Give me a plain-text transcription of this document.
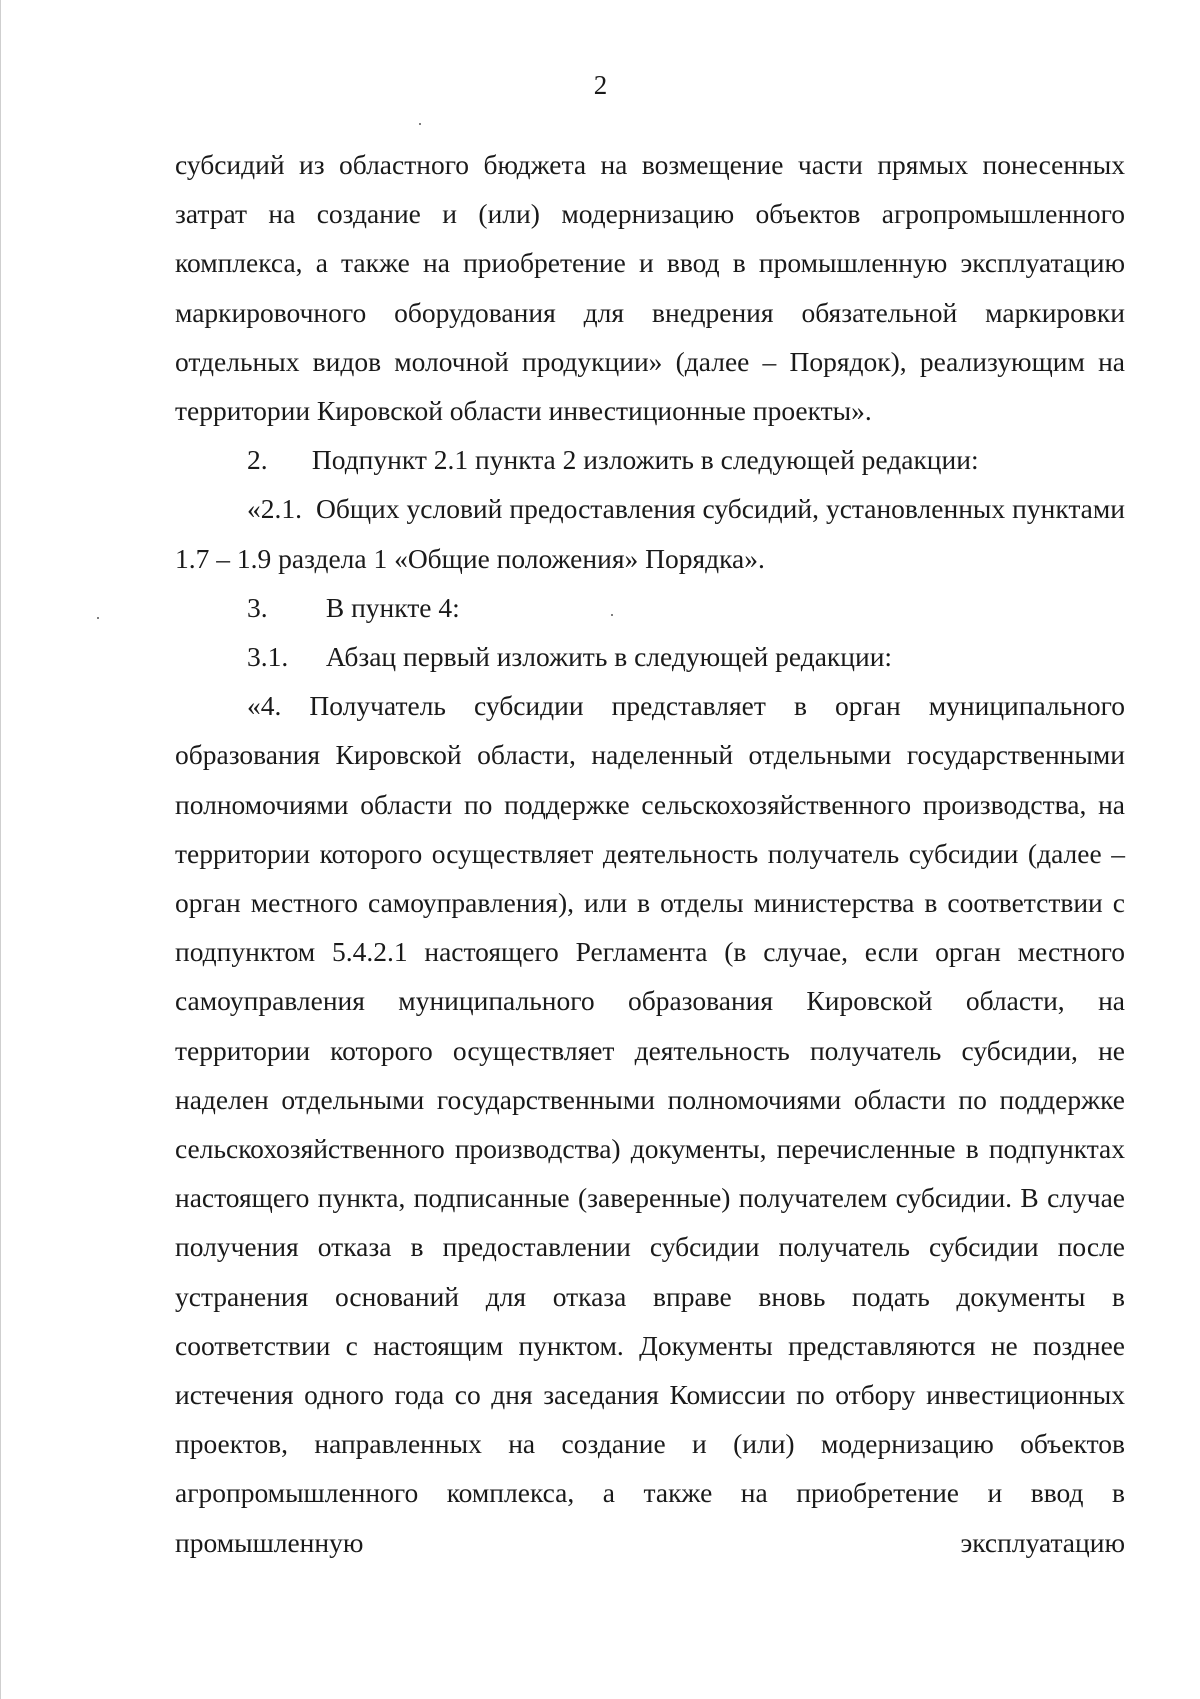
2

субсидий из областного бюджета на возмещение части прямых понесенных затрат на создание и (или) модернизацию объектов агропромышленного комплекса, а также на приобретение и ввод в промышленную эксплуатацию маркировочного оборудования для внедрения обязательной маркировки отдельных видов молочной продукции» (далее – Порядок), реализующим на территории Кировской области инвестиционные проекты».

2. Подпункт 2.1 пункта 2 изложить в следующей редакции:

«2.1. Общих условий предоставления субсидий, установленных пунктами 1.7 – 1.9 раздела 1 «Общие положения» Порядка».

3. В пункте 4:

3.1. Абзац первый изложить в следующей редакции:

«4. Получатель субсидии представляет в орган муниципального образования Кировской области, наделенный отдельными государственными полномочиями области по поддержке сельскохозяйственного производства, на территории которого осуществляет деятельность получатель субсидии (далее – орган местного самоуправления), или в отделы министерства в соответствии с подпунктом 5.4.2.1 настоящего Регламента (в случае, если орган местного самоуправления муниципального образования Кировской области, на территории которого осуществляет деятельность получатель субсидии, не наделен отдельными государственными полномочиями области по поддержке сельскохозяйственного производства) документы, перечисленные в подпунктах настоящего пункта, подписанные (заверенные) получателем субсидии. В случае получения отказа в предоставлении субсидии получатель субсидии после устранения оснований для отказа вправе вновь подать документы в соответствии с настоящим пунктом. Документы представляются не позднее истечения одного года со дня заседания Комиссии по отбору инвестиционных проектов, направленных на создание и (или) модернизацию объектов агропромышленного комплекса, а также на приобретение и ввод в промышленную эксплуатацию
